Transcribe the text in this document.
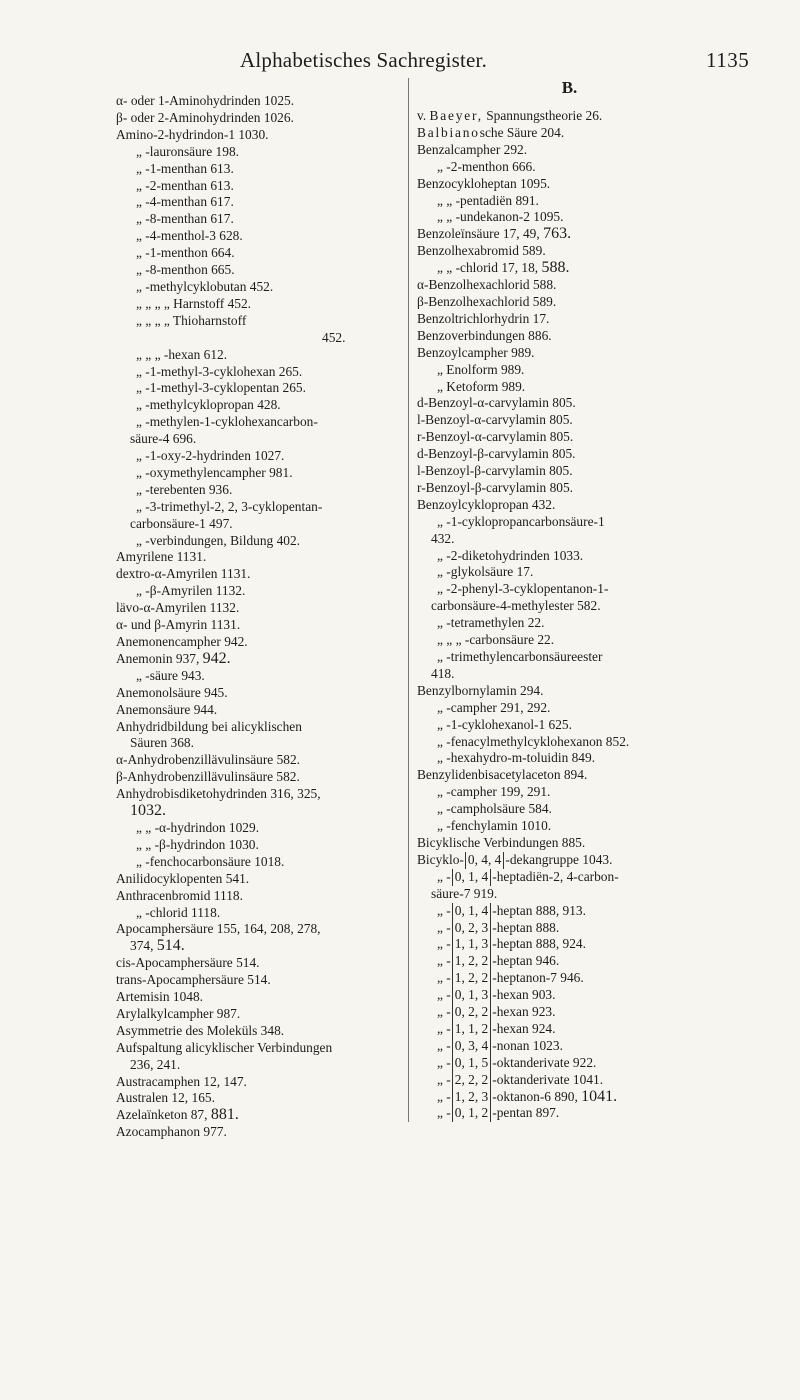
Alphabetisches Sachregister.	1135
α- oder 1-Aminohydrinden 1025.
β- oder 2-Aminohydrinden 1026.
Amino-2-hydrindon-1 1030.
„ -lauronsäure 198.
„ -1-menthan 613.
„ -2-menthan 613.
„ -4-menthan 617.
„ -8-menthan 617.
„ -4-menthol-3 628.
„ -1-menthon 664.
„ -8-menthon 665.
„ -methylcyklobutan 452.
„ „ „ „ Harnstoff 452.
„ „ „ „ Thioharnstoff
452.
„ „ „ -hexan 612.
„ -1-methyl-3-cyklohexan 265.
„ -1-methyl-3-cyklopentan 265.
„ -methylcyklopropan 428.
„ -methylen-1-cyklohexancarbon-
säure-4 696.
„ -1-oxy-2-hydrinden 1027.
„ -oxymethylencampher 981.
„ -terebenten 936.
„ -3-trimethyl-2, 2, 3-cyklopentan-
carbonsäure-1 497.
„ -verbindungen, Bildung 402.
Amyrilene 1131.
dextro-α-Amyrilen 1131.
„ -β-Amyrilen 1132.
lävo-α-Amyrilen 1132.
α- und β-Amyrin 1131.
Anemonencampher 942.
Anemonin 937, 942.
„ -säure 943.
Anemonolsäure 945.
Anemonsäure 944.
Anhydridbildung bei alicyklischen
Säuren 368.
α-Anhydrobenzillävulinsäure 582.
β-Anhydrobenzillävulinsäure 582.
Anhydrobisdiketohydrinden 316, 325,
1032.
„ „ -α-hydrindon 1029.
„ „ -β-hydrindon 1030.
„ -fenchocarbonsäure 1018.
Anilidocyklopenten 541.
Anthracenbromid 1118.
„ -chlorid 1118.
Apocamphersäure 155, 164, 208, 278,
374, 514.
cis-Apocamphersäure 514.
trans-Apocamphersäure 514.
Artemisin 1048.
Arylalkylcampher 987.
Asymmetrie des Moleküls 348.
Aufspaltung alicyklischer Verbindungen
236, 241.
Austracamphen 12, 147.
Australen 12, 165.
Azelaïnketon 87, 881.
Azocamphanon 977.
B.
v. Baeyer, Spannungstheorie 26.
Balbianosche Säure 204.
Benzalcampher 292.
„ -2-menthon 666.
Benzocykloheptan 1095.
„ „ -pentadiën 891.
„ „ -undekanon-2 1095.
Benzoleïnsäure 17, 49, 763.
Benzolhexabromid 589.
„ „ -chlorid 17, 18, 588.
α-Benzolhexachlorid 588.
β-Benzolhexachlorid 589.
Benzoltrichlorhydrin 17.
Benzoverbindungen 886.
Benzoylcampher 989.
„ Enolform 989.
„ Ketoform 989.
d-Benzoyl-α-carvylamin 805.
l-Benzoyl-α-carvylamin 805.
r-Benzoyl-α-carvylamin 805.
d-Benzoyl-β-carvylamin 805.
l-Benzoyl-β-carvylamin 805.
r-Benzoyl-β-carvylamin 805.
Benzoylcyklopropan 432.
„ -1-cyklopropancarbonsäure-1
432.
„ -2-diketohydrinden 1033.
„ -glykolsäure 17.
„ -2-phenyl-3-cyklopentanon-1-
carbonsäure-4-methylester 582.
„ -tetramethylen 22.
„ „ „ -carbonsäure 22.
„ -trimethylencarbonsäureester
418.
Benzylbornylamin 294.
„ -campher 291, 292.
„ -1-cyklohexanol-1 625.
„ -fenacylmethylcyklohexanon 852.
„ -hexahydro-m-toluidin 849.
Benzylidenbisacetylaceton 894.
„ -campher 199, 291.
„ -campholsäure 584.
„ -fenchylamin 1010.
Bicyklische Verbindungen 885.
Bicyklo- 0, 4, 4 -dekangruppe 1043.
„ - 0, 1, 4 -heptadiën-2, 4-carbon-
säure-7 919.
„ - 0, 1, 4 -heptan 888, 913.
„ - 0, 2, 3 -heptan 888.
„ - 1, 1, 3 -heptan 888, 924.
„ - 1, 2, 2 -heptan 946.
„ - 1, 2, 2 -heptanon-7 946.
„ - 0, 1, 3 -hexan 903.
„ - 0, 2, 2 -hexan 923.
„ - 1, 1, 2 -hexan 924.
„ - 0, 3, 4 -nonan 1023.
„ - 0, 1, 5 -oktanderivate 922.
„ - 2, 2, 2 -oktanderivate 1041.
„ - 1, 2, 3 -oktanon-6 890, 1041.
„ - 0, 1, 2 -pentan 897.
